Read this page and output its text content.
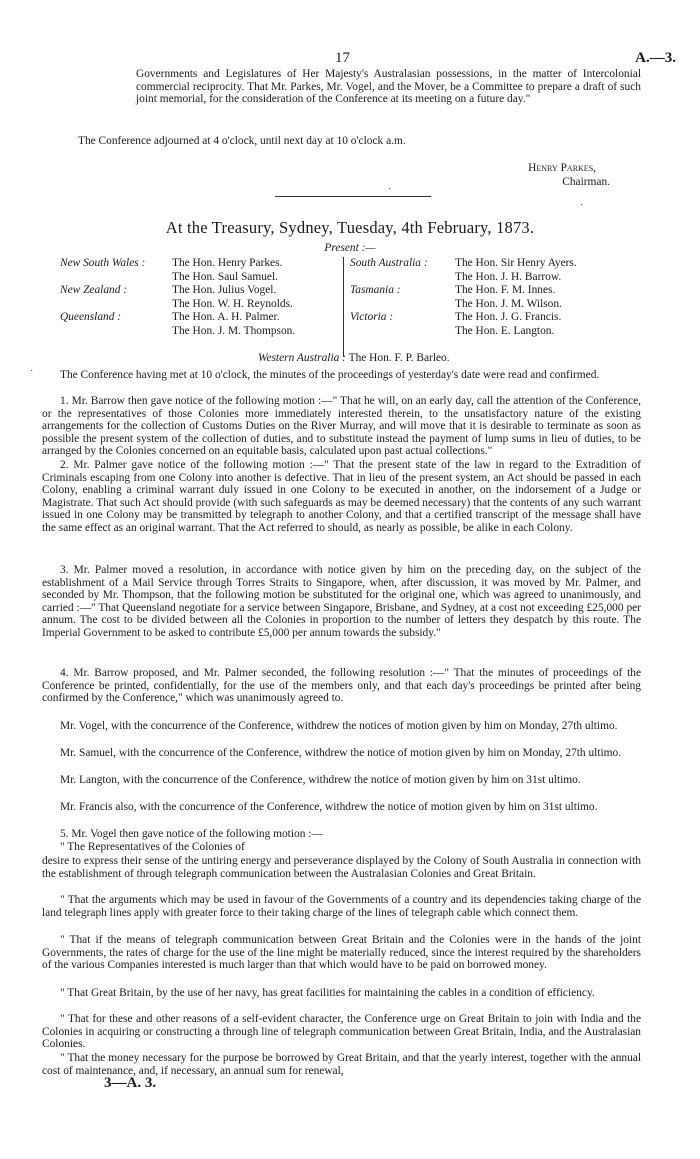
17	A.—3.

Governments and Legislatures of Her Majesty's Australasian possessions, in the matter of Intercolonial commercial reciprocity. That Mr. Parkes, Mr. Vogel, and the Mover, be a Committee to prepare a draft of such joint memorial, for the consideration of the Conference at its meeting on a future day."

The Conference adjourned at 4 o'clock, until next day at 10 o'clock a.m.

Henry Parkes,
Chairman.
·
·
At the Treasury, Sydney, Tuesday, 4th February, 1873.
Present :—
New South Wales :

New Zealand :

Queensland :
The Hon. Henry Parkes.
The Hon. Saul Samuel.
The Hon. Julius Vogel.
The Hon. W. H. Reynolds.
The Hon. A. H. Palmer.
The Hon. J. M. Thompson.
South Australia :

Tasmania :

Victoria :
The Hon. Sir Henry Ayers.
The Hon. J. H. Barrow.
The Hon. F. M. Innes.
The Hon. J. M. Wilson.
The Hon. J. G. Francis.
The Hon. E. Langton.
Western Australia : The Hon. F. P. Barleo.
·	The Conference having met at 10 o'clock, the minutes of the proceedings of yesterday's date were read and confirmed.

1. Mr. Barrow then gave notice of the following motion :—" That he will, on an early day, call the attention of the Conference, or the representatives of those Colonies more immediately interested therein, to the unsatisfactory nature of the existing arrangements for the collection of Customs Duties on the River Murray, and will move that it is desirable to terminate as soon as possible the present system of the collection of duties, and to substitute instead the payment of lump sums in lieu of duties, to be arranged by the Colonies concerned on an equitable basis, calculated upon past actual collections."

2. Mr. Palmer gave notice of the following motion :—" That the present state of the law in regard to the Extradition of Criminals escaping from one Colony into another is defective. That in lieu of the present system, an Act should be passed in each Colony, enabling a criminal warrant duly issued in one Colony to be executed in another, on the indorsement of a Judge or Magistrate. That such Act should provide (with such safeguards as may be deemed necessary) that the contents of any such warrant issued in one Colony may be transmitted by telegraph to another Colony, and that a certified transcript of the message shall have the same effect as an original warrant. That the Act referred to should, as nearly as possible, be alike in each Colony.

3. Mr. Palmer moved a resolution, in accordance with notice given by him on the preceding day, on the subject of the establishment of a Mail Service through Torres Straits to Singapore, when, after discussion, it was moved by Mr. Palmer, and seconded by Mr. Thompson, that the following motion be substituted for the original one, which was agreed to unanimously, and carried :—" That Queensland negotiate for a service between Singapore, Brisbane, and Sydney, at a cost not exceeding £25,000 per annum. The cost to be divided between all the Colonies in proportion to the number of letters they despatch by this route. The Imperial Government to be asked to contribute £5,000 per annum towards the subsidy."

4. Mr. Barrow proposed, and Mr. Palmer seconded, the following resolution :—" That the minutes of proceedings of the Conference be printed, confidentially, for the use of the members only, and that each day's proceedings be printed after being confirmed by the Conference," which was unanimously agreed to.

Mr. Vogel, with the concurrence of the Conference, withdrew the notices of motion given by him on Monday, 27th ultimo.

Mr. Samuel, with the concurrence of the Conference, withdrew the notice of motion given by him on Monday, 27th ultimo.

Mr. Langton, with the concurrence of the Conference, withdrew the notice of motion given by him on 31st ultimo.

Mr. Francis also, with the concurrence of the Conference, withdrew the notice of motion given by him on 31st ultimo.

5. Mr. Vogel then gave notice of the following motion :—

" The Representatives of the Colonies of

desire to express their sense of the untiring energy and perseverance displayed by the Colony of South Australia in connection with the establishment of through telegraph communication between the Australasian Colonies and Great Britain.

" That the arguments which may be used in favour of the Governments of a country and its dependencies taking charge of the land telegraph lines apply with greater force to their taking charge of the lines of telegraph cable which connect them.

" That if the means of telegraph communication between Great Britain and the Colonies were in the hands of the joint Governments, the rates of charge for the use of the line might be materially reduced, since the interest required by the shareholders of the various Companies interested is much larger than that which would have to be paid on borrowed money.

" That Great Britain, by the use of her navy, has great facilities for maintaining the cables in a condition of efficiency.

" That for these and other reasons of a self-evident character, the Conference urge on Great Britain to join with India and the Colonies in acquiring or constructing a through line of telegraph communication between Great Britain, India, and the Australasian Colonies.

" That the money necessary for the purpose be borrowed by Great Britain, and that the yearly interest, together with the annual cost of maintenance, and, if necessary, an annual sum for renewal,

3—A. 3.
